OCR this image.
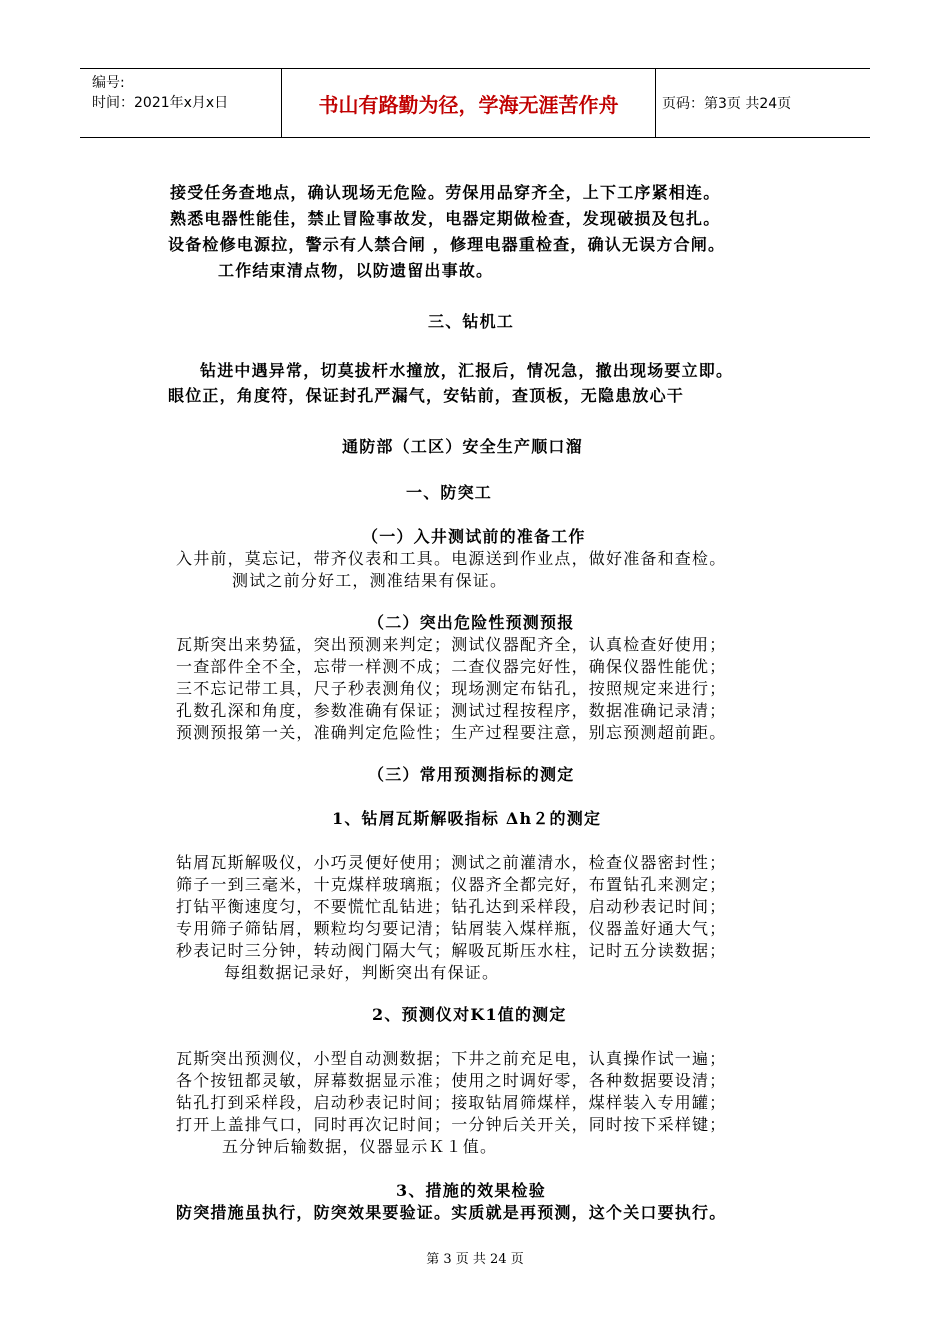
编号:
时间：2021年x月x日	书山有路勤为径，学海无涯苦作舟	页码：第3页 共24页
接受任务查地点，确认现场无危险。劳保用品穿齐全，上下工序紧相连。
熟悉电器性能佳，禁止冒险事故发，电器定期做检查，发现破损及包扎。
设备检修电源拉，警示有人禁合闸 ，修理电器重检查，确认无误方合闸。
工作结束清点物，以防遗留出事故。
三、钻机工
钻进中遇异常，切莫拔杆水撞放，汇报后，情况急，撤出现场要立即。
眼位正，角度符，保证封孔严漏气，安钻前，查顶板，无隐患放心干
通防部（工区）安全生产顺口溜
一、防突工
（一）入井测试前的准备工作
入井前，莫忘记，带齐仪表和工具。电源送到作业点，做好准备和查检。
测试之前分好工，测准结果有保证。
（二）突出危险性预测预报
瓦斯突出来势猛，突出预测来判定；测试仪器配齐全，认真检查好使用；
一查部件全不全，忘带一样测不成；二查仪器完好性，确保仪器性能优；
三不忘记带工具，尺子秒表测角仪；现场测定布钻孔，按照规定来进行；
孔数孔深和角度，参数准确有保证；测试过程按程序，数据准确记录清；
预测预报第一关，准确判定危险性；生产过程要注意，别忘预测超前距。
（三）常用预测指标的测定
1、钻屑瓦斯解吸指标 Δh２的测定
钻屑瓦斯解吸仪，小巧灵便好使用；测试之前灌清水，检查仪器密封性；
筛子一到三毫米，十克煤样玻璃瓶；仪器齐全都完好，布置钻孔来测定；
打钻平衡速度匀，不要慌忙乱钻进；钻孔达到采样段，启动秒表记时间；
专用筛子筛钻屑，颗粒均匀要记清；钻屑装入煤样瓶，仪器盖好通大气；
秒表记时三分钟，转动阀门隔大气；解吸瓦斯压水柱，记时五分读数据；
每组数据记录好，判断突出有保证。
2、预测仪对K1值的测定
瓦斯突出预测仪，小型自动测数据；下井之前充足电，认真操作试一遍；
各个按钮都灵敏，屏幕数据显示准；使用之时调好零，各种数据要设清；
钻孔打到采样段，启动秒表记时间；接取钻屑筛煤样，煤样装入专用罐；
打开上盖排气口，同时再次记时间；一分钟后关开关，同时按下采样键；
五分钟后输数据，仪器显示Ｋ１值。
3、措施的效果检验
防突措施虽执行，防突效果要验证。实质就是再预测，这个关口要执行。
第 3 页 共 24 页
